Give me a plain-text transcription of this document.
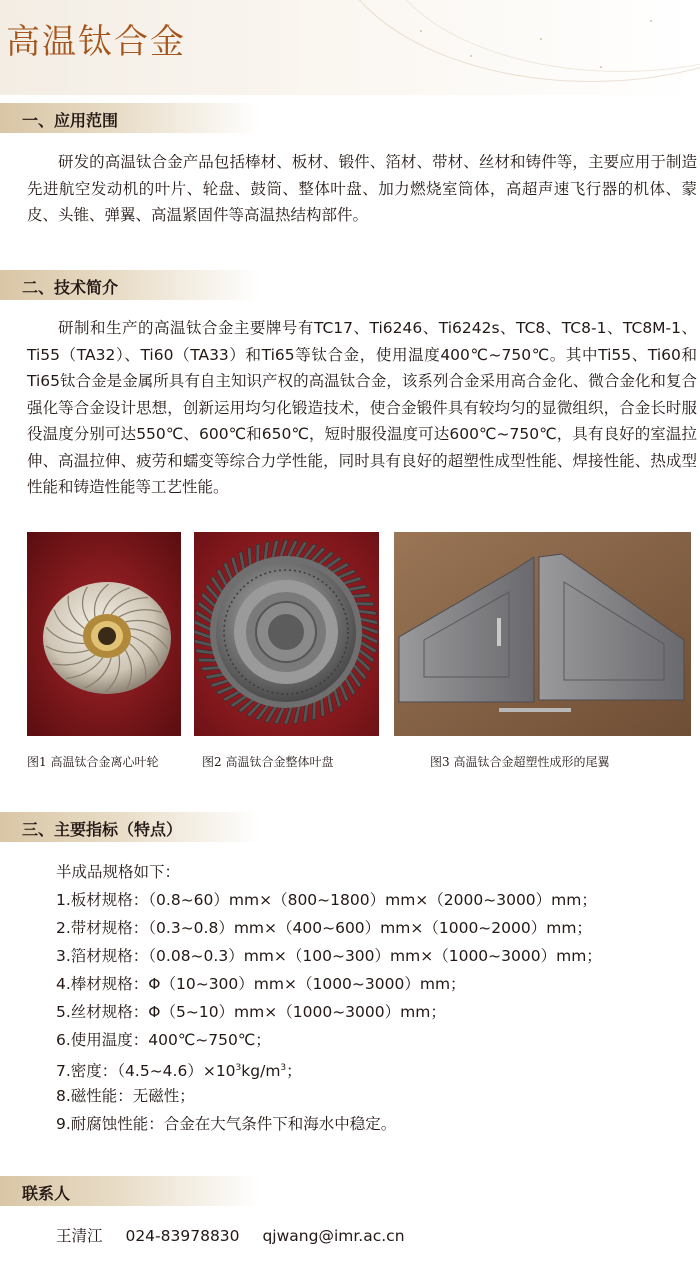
高温钛合金
一、应用范围

研发的高温钛合金产品包括棒材、板材、锻件、箔材、带材、丝材和铸件等，主要应用于制造先进航空发动机的叶片、轮盘、鼓筒、整体叶盘、加力燃烧室筒体，高超声速飞行器的机体、蒙皮、头锥、弹翼、高温紧固件等高温热结构部件。

二、技术简介

研制和生产的高温钛合金主要牌号有TC17、Ti6246、Ti6242s、TC8、TC8-1、TC8M-1、Ti55（TA32）、Ti60（TA33）和Ti65等钛合金，使用温度400℃~750℃。其中Ti55、Ti60和Ti65钛合金是金属所具有自主知识产权的高温钛合金，该系列合金采用高合金化、微合金化和复合强化等合金设计思想，创新运用均匀化锻造技术，使合金锻件具有较均匀的显微组织，合金长时服役温度分别可达550℃、600℃和650℃，短时服役温度可达600℃~750℃，具有良好的室温拉伸、高温拉伸、疲劳和蠕变等综合力学性能，同时具有良好的超塑性成型性能、焊接性能、热成型性能和铸造性能等工艺性能。

图1 高温钛合金离心叶轮	图2 高温钛合金整体叶盘	图3 高温钛合金超塑性成形的尾翼
三、主要指标（特点）
半成品规格如下：
1.板材规格：（0.8~60）mm×（800~1800）mm×（2000~3000）mm；
2.带材规格：（0.3~0.8）mm×（400~600）mm×（1000~2000）mm；
3.箔材规格：（0.08~0.3）mm×（100~300）mm×（1000~3000）mm；
4.棒材规格：Φ（10~300）mm×（1000~3000）mm；
5.丝材规格：Φ（5~10）mm×（1000~3000）mm；
6.使用温度：400℃~750℃；
7.密度：$(4.5\sim 4.6)\times 10^3kg/m^3$；
8.磁性能：无磁性；
9.耐腐蚀性能：合金在大气条件下和海水中稳定。
联系人
王清江 024-83978830 qjwang@imr.ac.cn
